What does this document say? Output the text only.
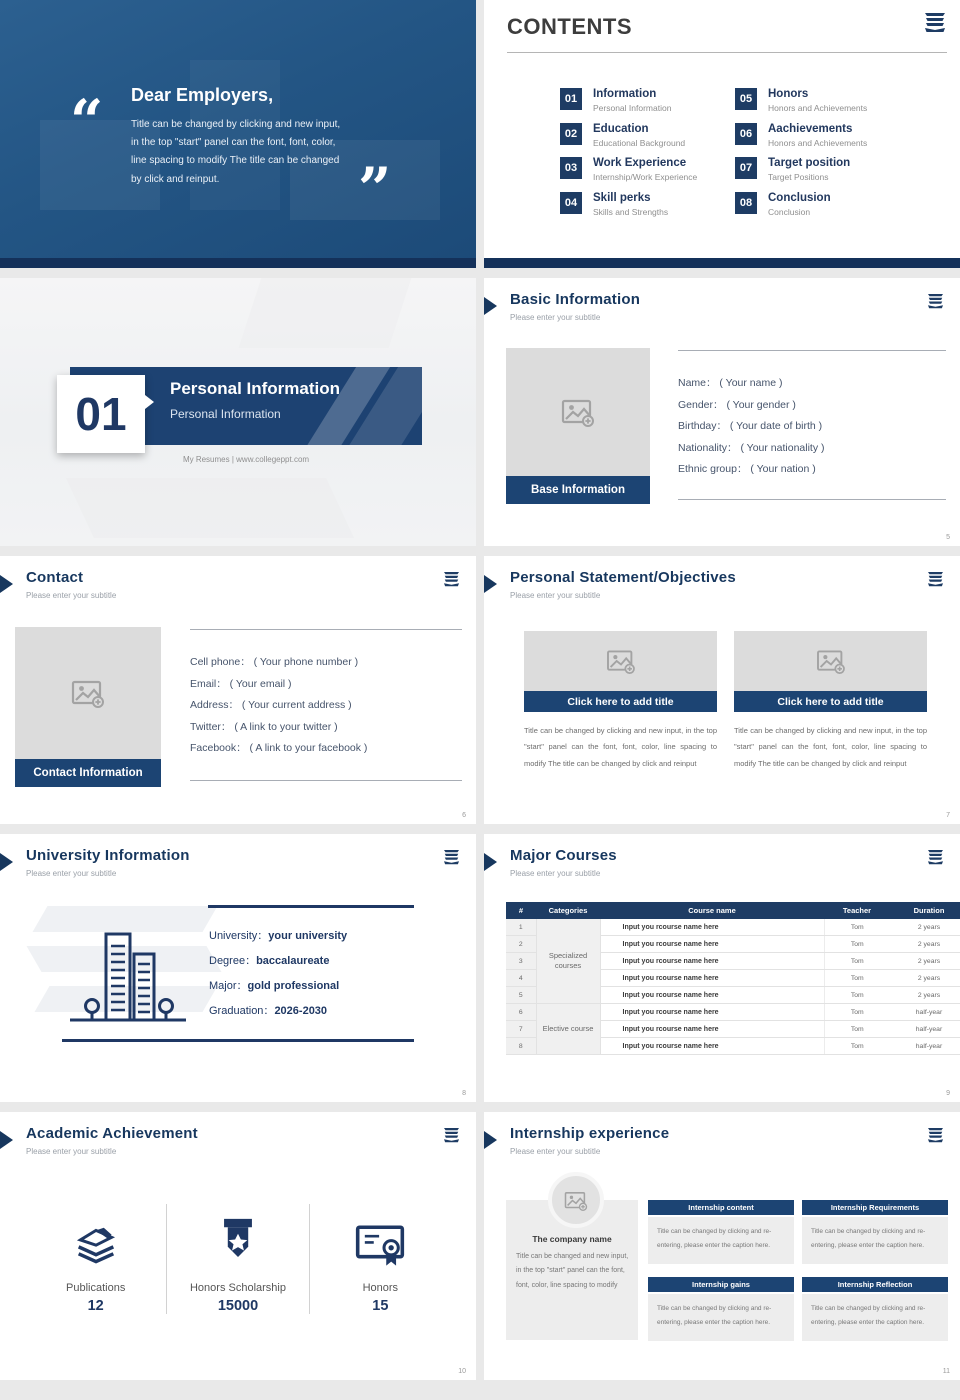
“ Dear Employers,
Title can be changed by clicking and new input, in the top "start" panel can the font, font, color, line spacing to modify The title can be changed by click and reinput.	”
CONTENTS
01	Information
Personal Information
02	Education
Educational Background
03	Work Experience
Internship/Work Experience
04	Skill perks
Skills and Strengths
05	Honors
Honors and Achievements
06	Aachievements
Honors and Achievements
07	Target position
Target Positions
08	Conclusion
Conclusion
01	Personal Information
Personal Information
My Resumes | www.collegeppt.com
Basic Information
Please enter your subtitle
Base Information
Name： ( Your name )
Gender： ( Your gender )
Birthday： ( Your date of birth )
Nationality： ( Your nationality )
Ethnic group： ( Your nation )
5
Contact
Please enter your subtitle
Contact Information
Cell phone： ( Your phone number )
Email： ( Your email )
Address： ( Your current address )
Twitter： ( A link to your twitter )
Facebook： ( A link to your facebook )
6
Personal Statement/Objectives
Please enter your subtitle
Click here to add title
Title can be changed by clicking and new input, in the top "start" panel can the font, font, color, line spacing to modify The title can be changed by click and reinput
Click here to add title
Title can be changed by clicking and new input, in the top "start" panel can the font, font, color, line spacing to modify The title can be changed by click and reinput
7
University Information
Please enter your subtitle
University：your university
Degree：baccalaureate
Major：gold professional
Graduation：2026-2030
8
Major Courses
Please enter your subtitle
#	Categories	Course name	Teacher	Duration
1	Specialized courses	Input you rcourse name here	Tom	2 years
2		Input you rcourse name here	Tom	2 years
3		Input you rcourse name here	Tom	2 years
4		Input you rcourse name here	Tom	2 years
5		Input you rcourse name here	Tom	2 years
6	Elective course	Input you rcourse name here	Tom	half-year
7		Input you rcourse name here	Tom	half-year
8		Input you rcourse name here	Tom	half-year
9
Academic Achievement
Please enter your subtitle
Publications
12
Honors Scholarship
15000
Honors
15
10
Internship experience
Please enter your subtitle
The company name
Title can be changed and new input, in the top "start" panel can the font, font, color, line spacing to modify
Internship content
Title can be changed by clicking and re-entering, please enter the caption here.
Internship Requirements
Title can be changed by clicking and re-entering, please enter the caption here.
Internship gains
Title can be changed by clicking and re-entering, please enter the caption here.
Internship Reflection
Title can be changed by clicking and re-entering, please enter the caption here.
11
